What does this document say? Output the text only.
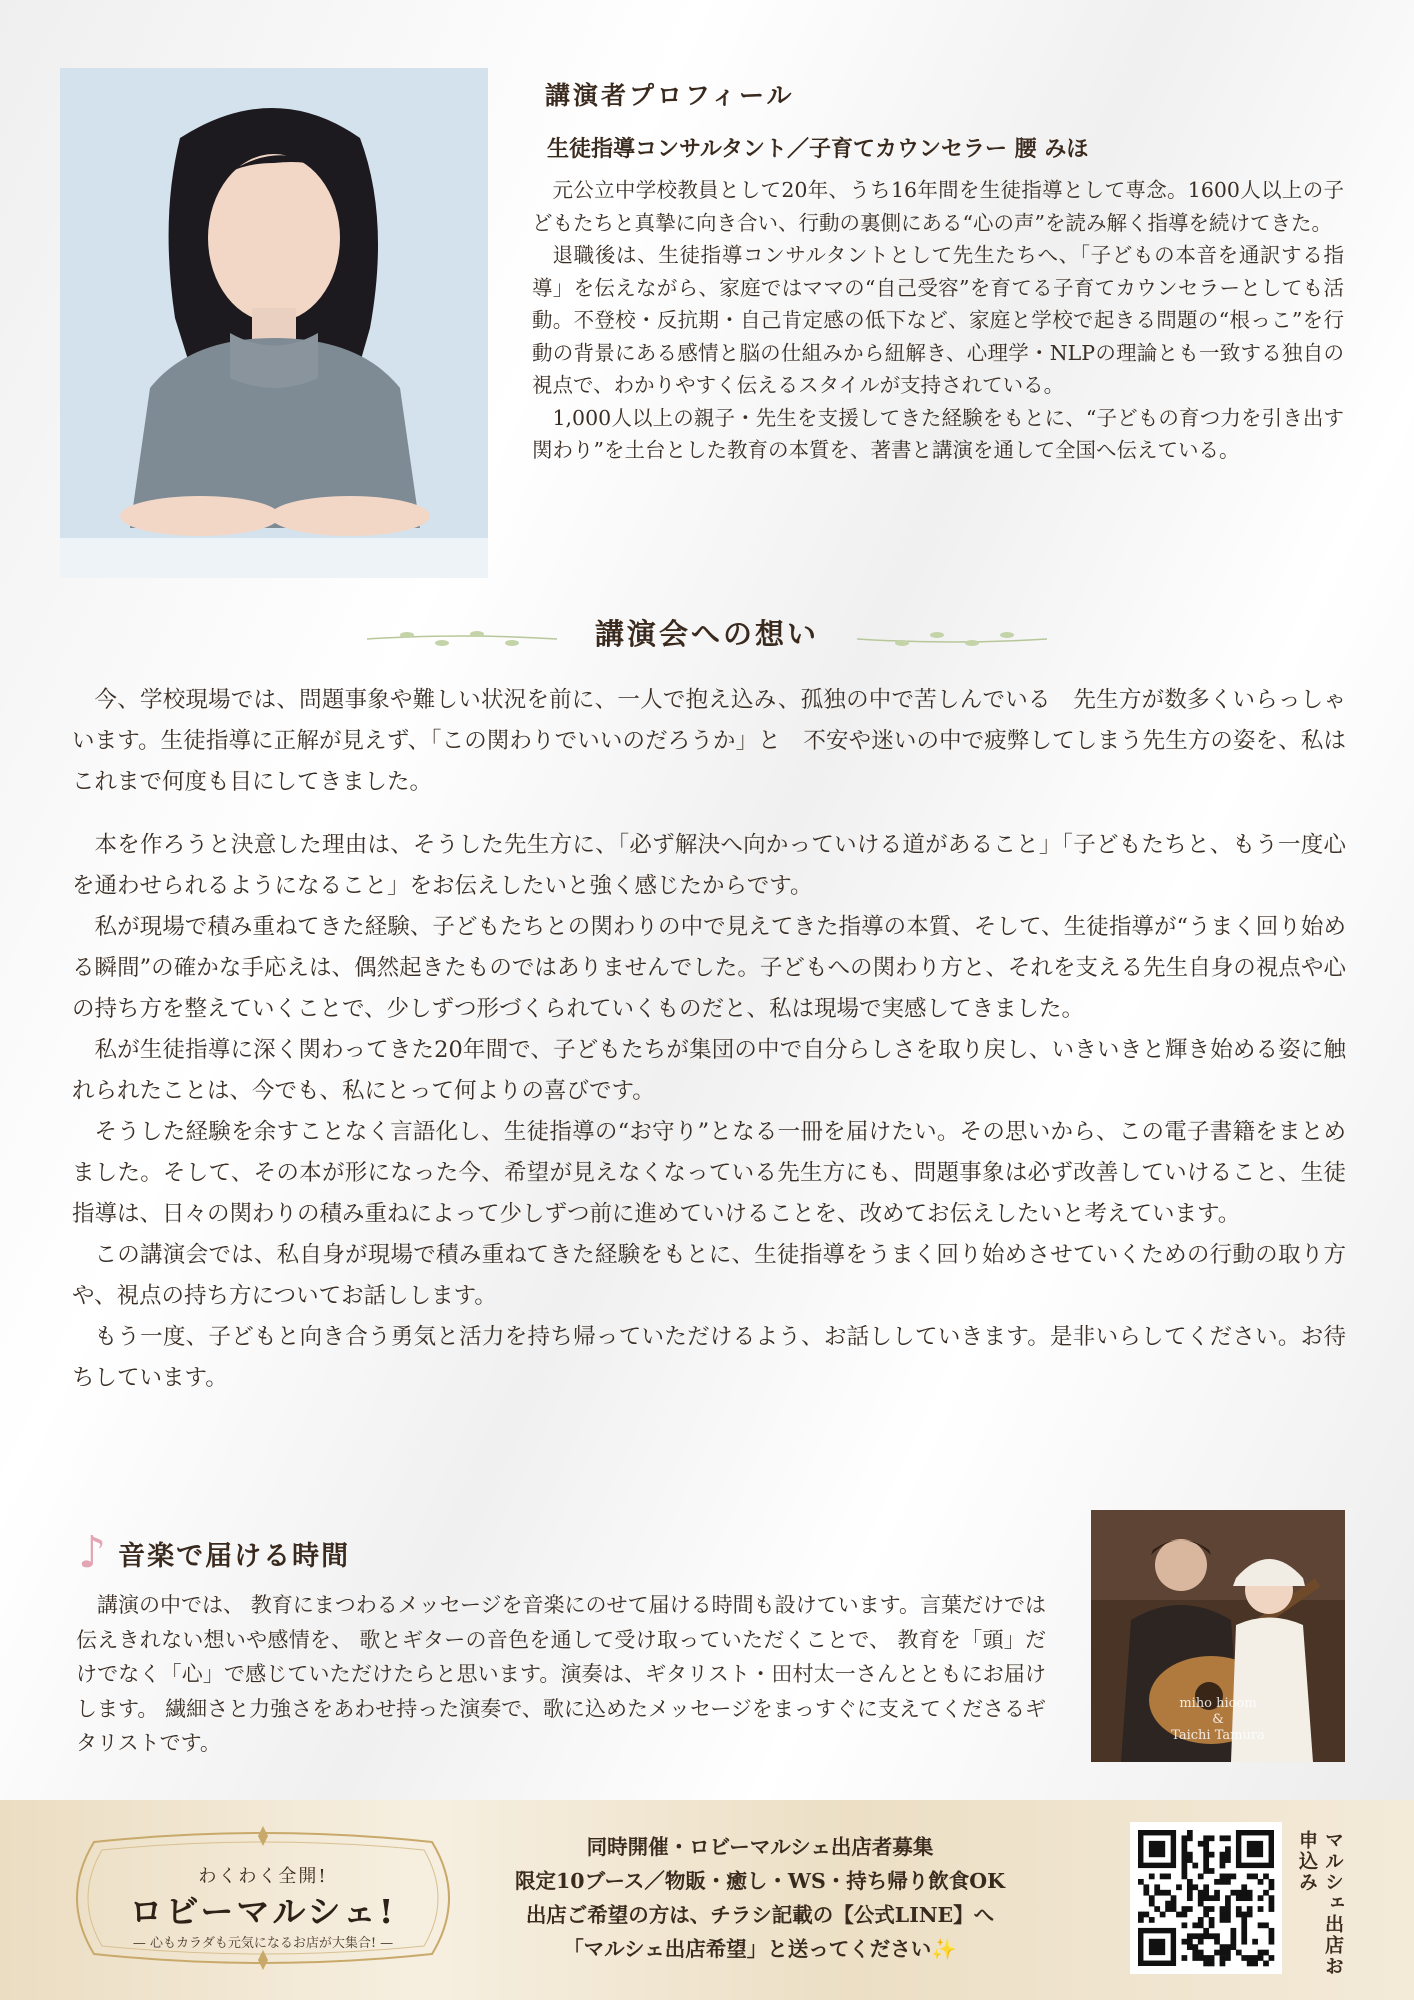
講演者プロフィール
生徒指導コンサルタント／子育てカウンセラー 腰 みほ

元公立中学校教員として20年、うち16年間を生徒指導として専念。1600人以上の子どもたちと真摯に向き合い、行動の裏側にある“心の声”を読み解く指導を続けてきた。

退職後は、生徒指導コンサルタントとして先生たちへ、「子どもの本音を通訳する指導」を伝えながら、家庭ではママの“自己受容”を育てる子育てカウンセラーとしても活動。不登校・反抗期・自己肯定感の低下など、家庭と学校で起きる問題の“根っこ”を行動の背景にある感情と脳の仕組みから紐解き、心理学・NLPの理論とも一致する独自の視点で、わかりやすく伝えるスタイルが支持されている。

1,000人以上の親子・先生を支援してきた経験をもとに、“子どもの育つ力を引き出す関わり”を土台とした教育の本質を、著書と講演を通して全国へ伝えている。

講演会への想い

今、学校現場では、問題事象や難しい状況を前に、一人で抱え込み、孤独の中で苦しんでいる　先生方が数多くいらっしゃいます。生徒指導に正解が見えず、「この関わりでいいのだろうか」と　不安や迷いの中で疲弊してしまう先生方の姿を、私はこれまで何度も目にしてきました。

本を作ろうと決意した理由は、そうした先生方に、「必ず解決へ向かっていける道があること」「子どもたちと、もう一度心を通わせられるようになること」をお伝えしたいと強く感じたからです。

私が現場で積み重ねてきた経験、子どもたちとの関わりの中で見えてきた指導の本質、そして、生徒指導が“うまく回り始める瞬間”の確かな手応えは、偶然起きたものではありませんでした。子どもへの関わり方と、それを支える先生自身の視点や心の持ち方を整えていくことで、少しずつ形づくられていくものだと、私は現場で実感してきました。

私が生徒指導に深く関わってきた20年間で、子どもたちが集団の中で自分らしさを取り戻し、いきいきと輝き始める姿に触れられたことは、今でも、私にとって何よりの喜びです。

そうした経験を余すことなく言語化し、生徒指導の“お守り”となる一冊を届けたい。その思いから、この電子書籍をまとめました。そして、その本が形になった今、希望が見えなくなっている先生方にも、問題事象は必ず改善していけること、生徒指導は、日々の関わりの積み重ねによって少しずつ前に進めていけることを、改めてお伝えしたいと考えています。

この講演会では、私自身が現場で積み重ねてきた経験をもとに、生徒指導をうまく回り始めさせていくための行動の取り方や、視点の持ち方についてお話しします。

もう一度、子どもと向き合う勇気と活力を持ち帰っていただけるよう、お話ししていきます。是非いらしてください。お待ちしています。

♪ 音楽で届ける時間

講演の中では、 教育にまつわるメッセージを音楽にのせて届ける時間も設けています。言葉だけでは伝えきれない想いや感情を、 歌とギターの音色を通して受け取っていただくことで、 教育を「頭」だけでなく「心」で感じていただけたらと思います。演奏は、ギタリスト・田村太一さんとともにお届けします。 繊細さと力強さをあわせ持った演奏で、歌に込めたメッセージをまっすぐに支えてくださるギタリストです。

miho hioom
&
Taichi Tamura
わくわく全開!
ロビーマルシェ!
— 心もカラダも元気になるお店が大集合! —
同時開催・ロビーマルシェ出店者募集
限定10ブース／物販・癒し・WS・持ち帰り飲食OK
出店ご希望の方は、チラシ記載の【公式LINE】へ
「マルシェ出店希望」と送ってください✨	マルシェ出店お申込み
